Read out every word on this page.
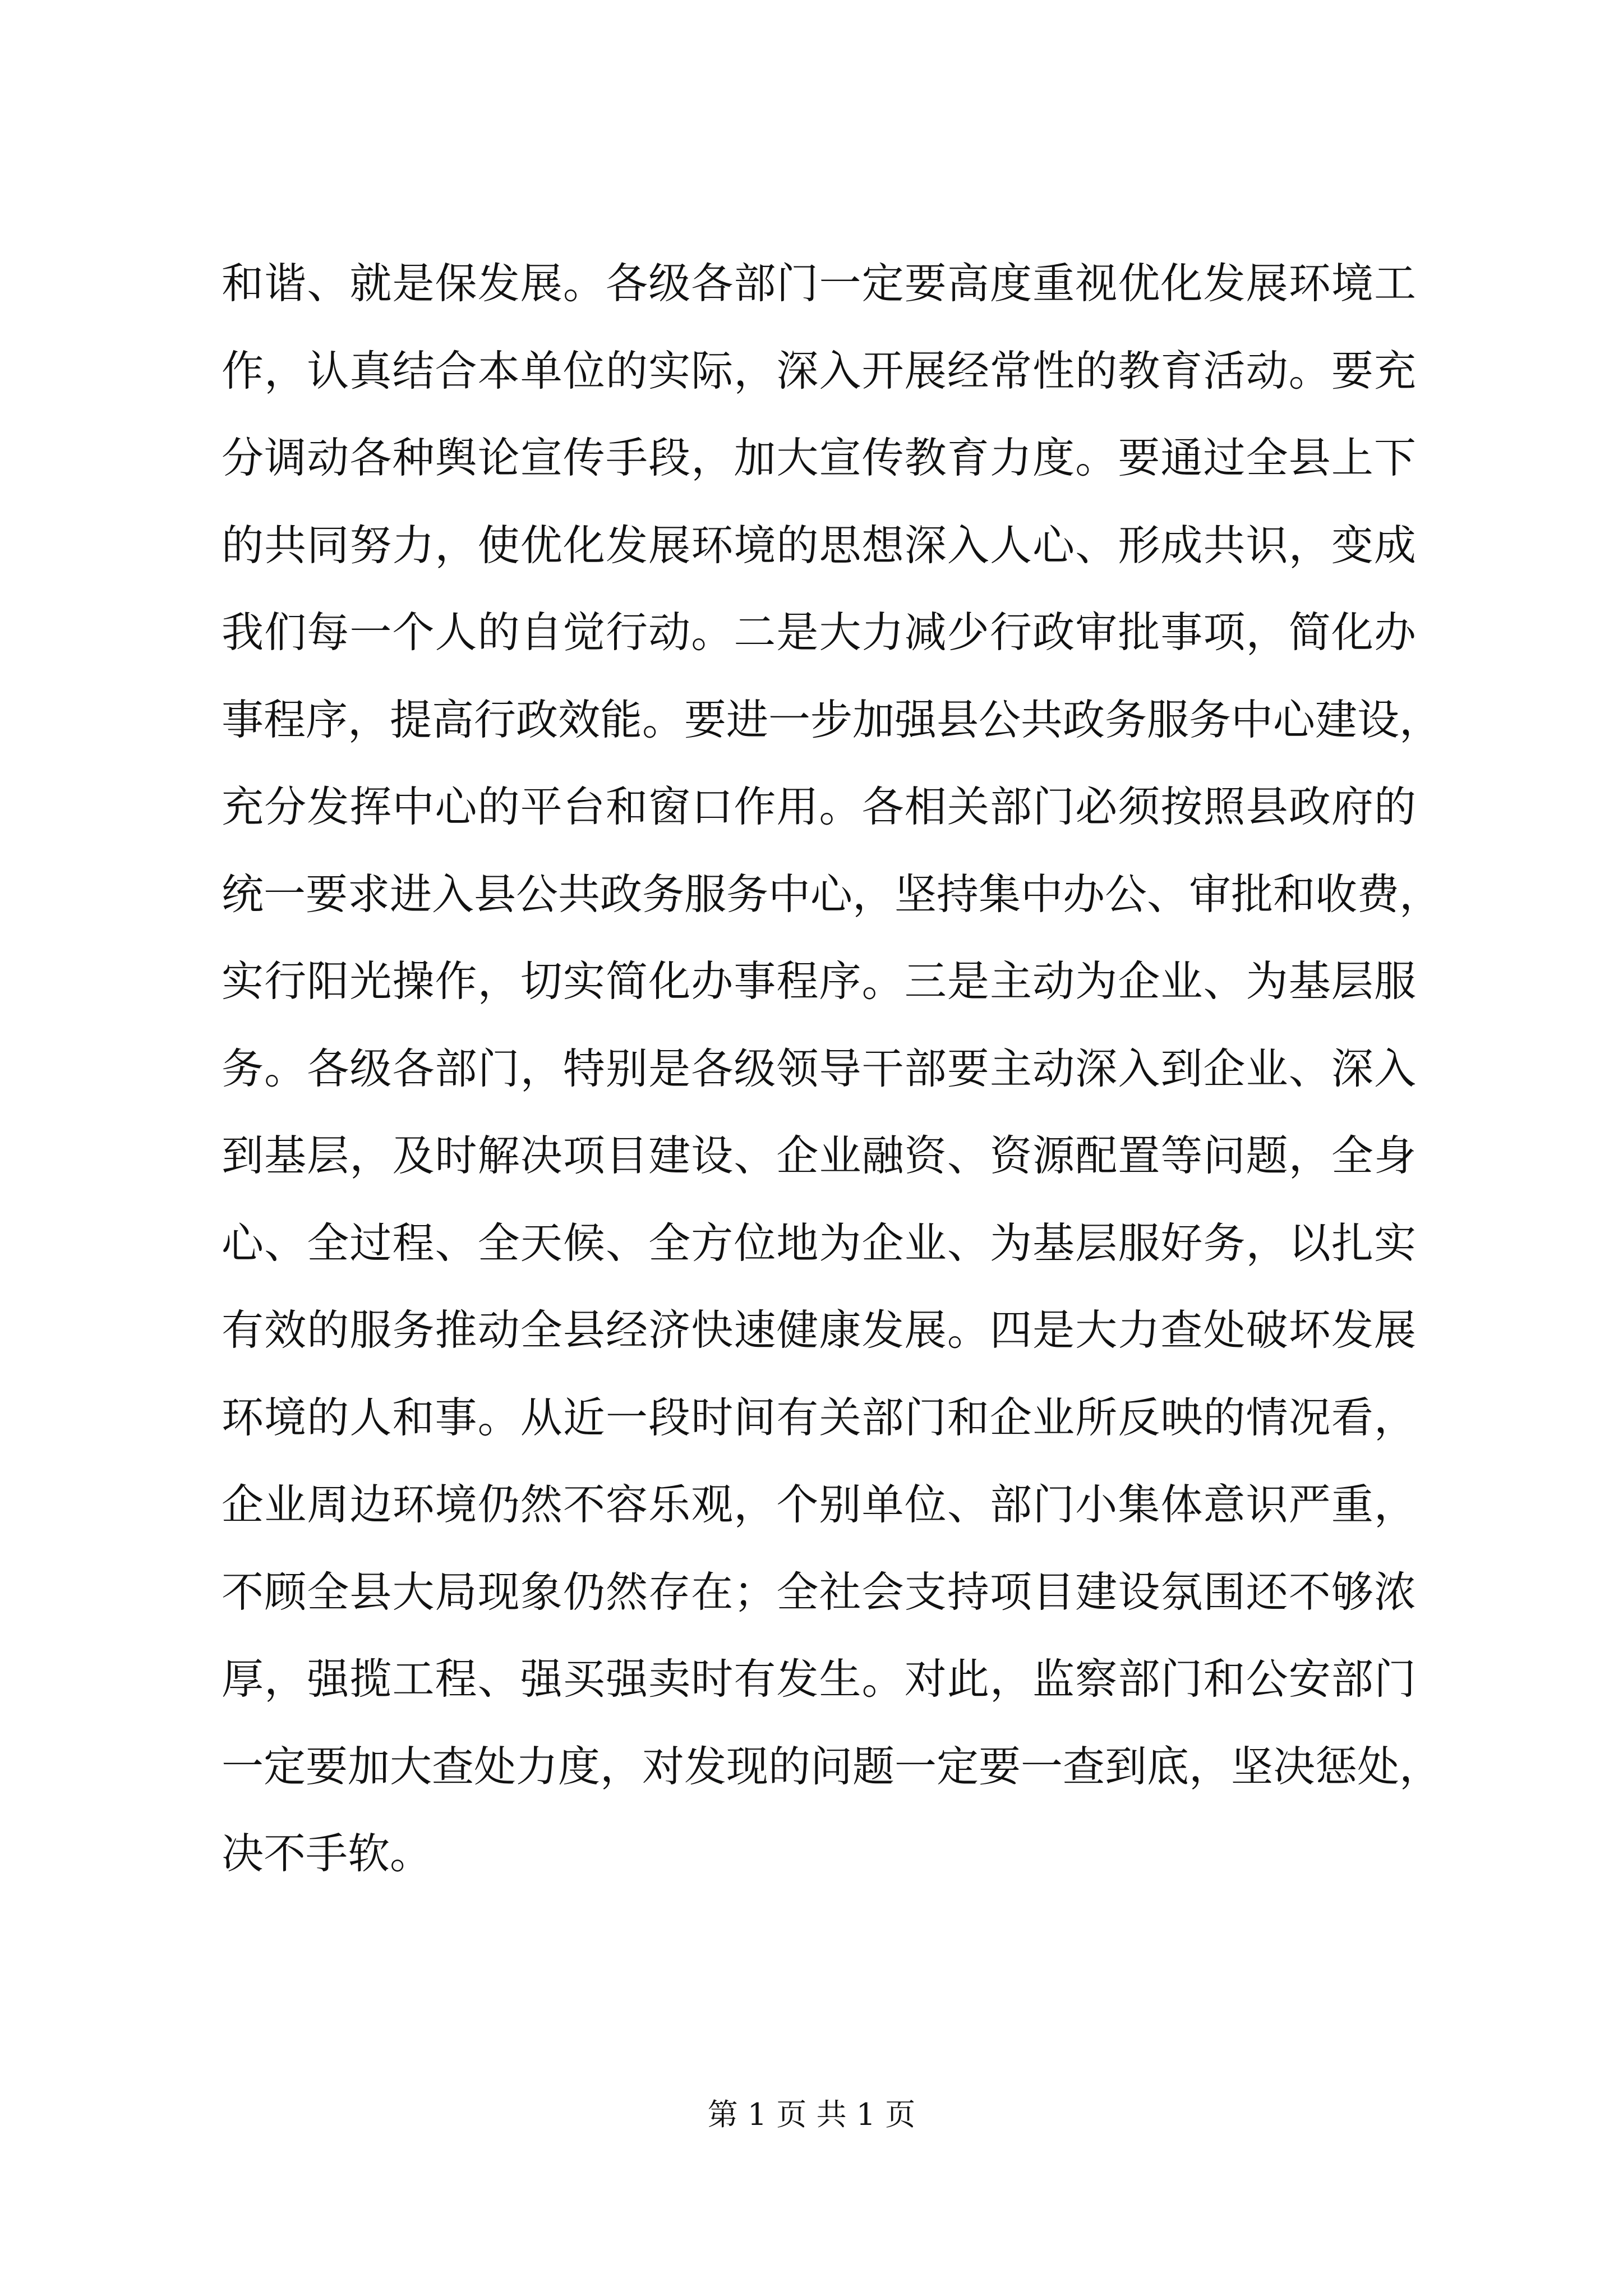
和谐、就是保发展。各级各部门一定要高度重视优化发展环境工
作，认真结合本单位的实际，深入开展经常性的教育活动。要充
分调动各种舆论宣传手段，加大宣传教育力度。要通过全县上下
的共同努力，使优化发展环境的思想深入人心、形成共识，变成
我们每一个人的自觉行动。二是大力减少行政审批事项，简化办
事程序，提高行政效能。要进一步加强县公共政务服务中心建设，
充分发挥中心的平台和窗口作用。各相关部门必须按照县政府的
统一要求进入县公共政务服务中心，坚持集中办公、审批和收费，
实行阳光操作，切实简化办事程序。三是主动为企业、为基层服
务。各级各部门，特别是各级领导干部要主动深入到企业、深入
到基层，及时解决项目建设、企业融资、资源配置等问题，全身
心、全过程、全天候、全方位地为企业、为基层服好务，以扎实
有效的服务推动全县经济快速健康发展。四是大力查处破坏发展
环境的人和事。从近一段时间有关部门和企业所反映的情况看，
企业周边环境仍然不容乐观，个别单位、部门小集体意识严重，
不顾全县大局现象仍然存在；全社会支持项目建设氛围还不够浓
厚，强揽工程、强买强卖时有发生。对此，监察部门和公安部门
一定要加大查处力度，对发现的问题一定要一查到底，坚决惩处，
决不手软。
第 1 页 共 1 页
